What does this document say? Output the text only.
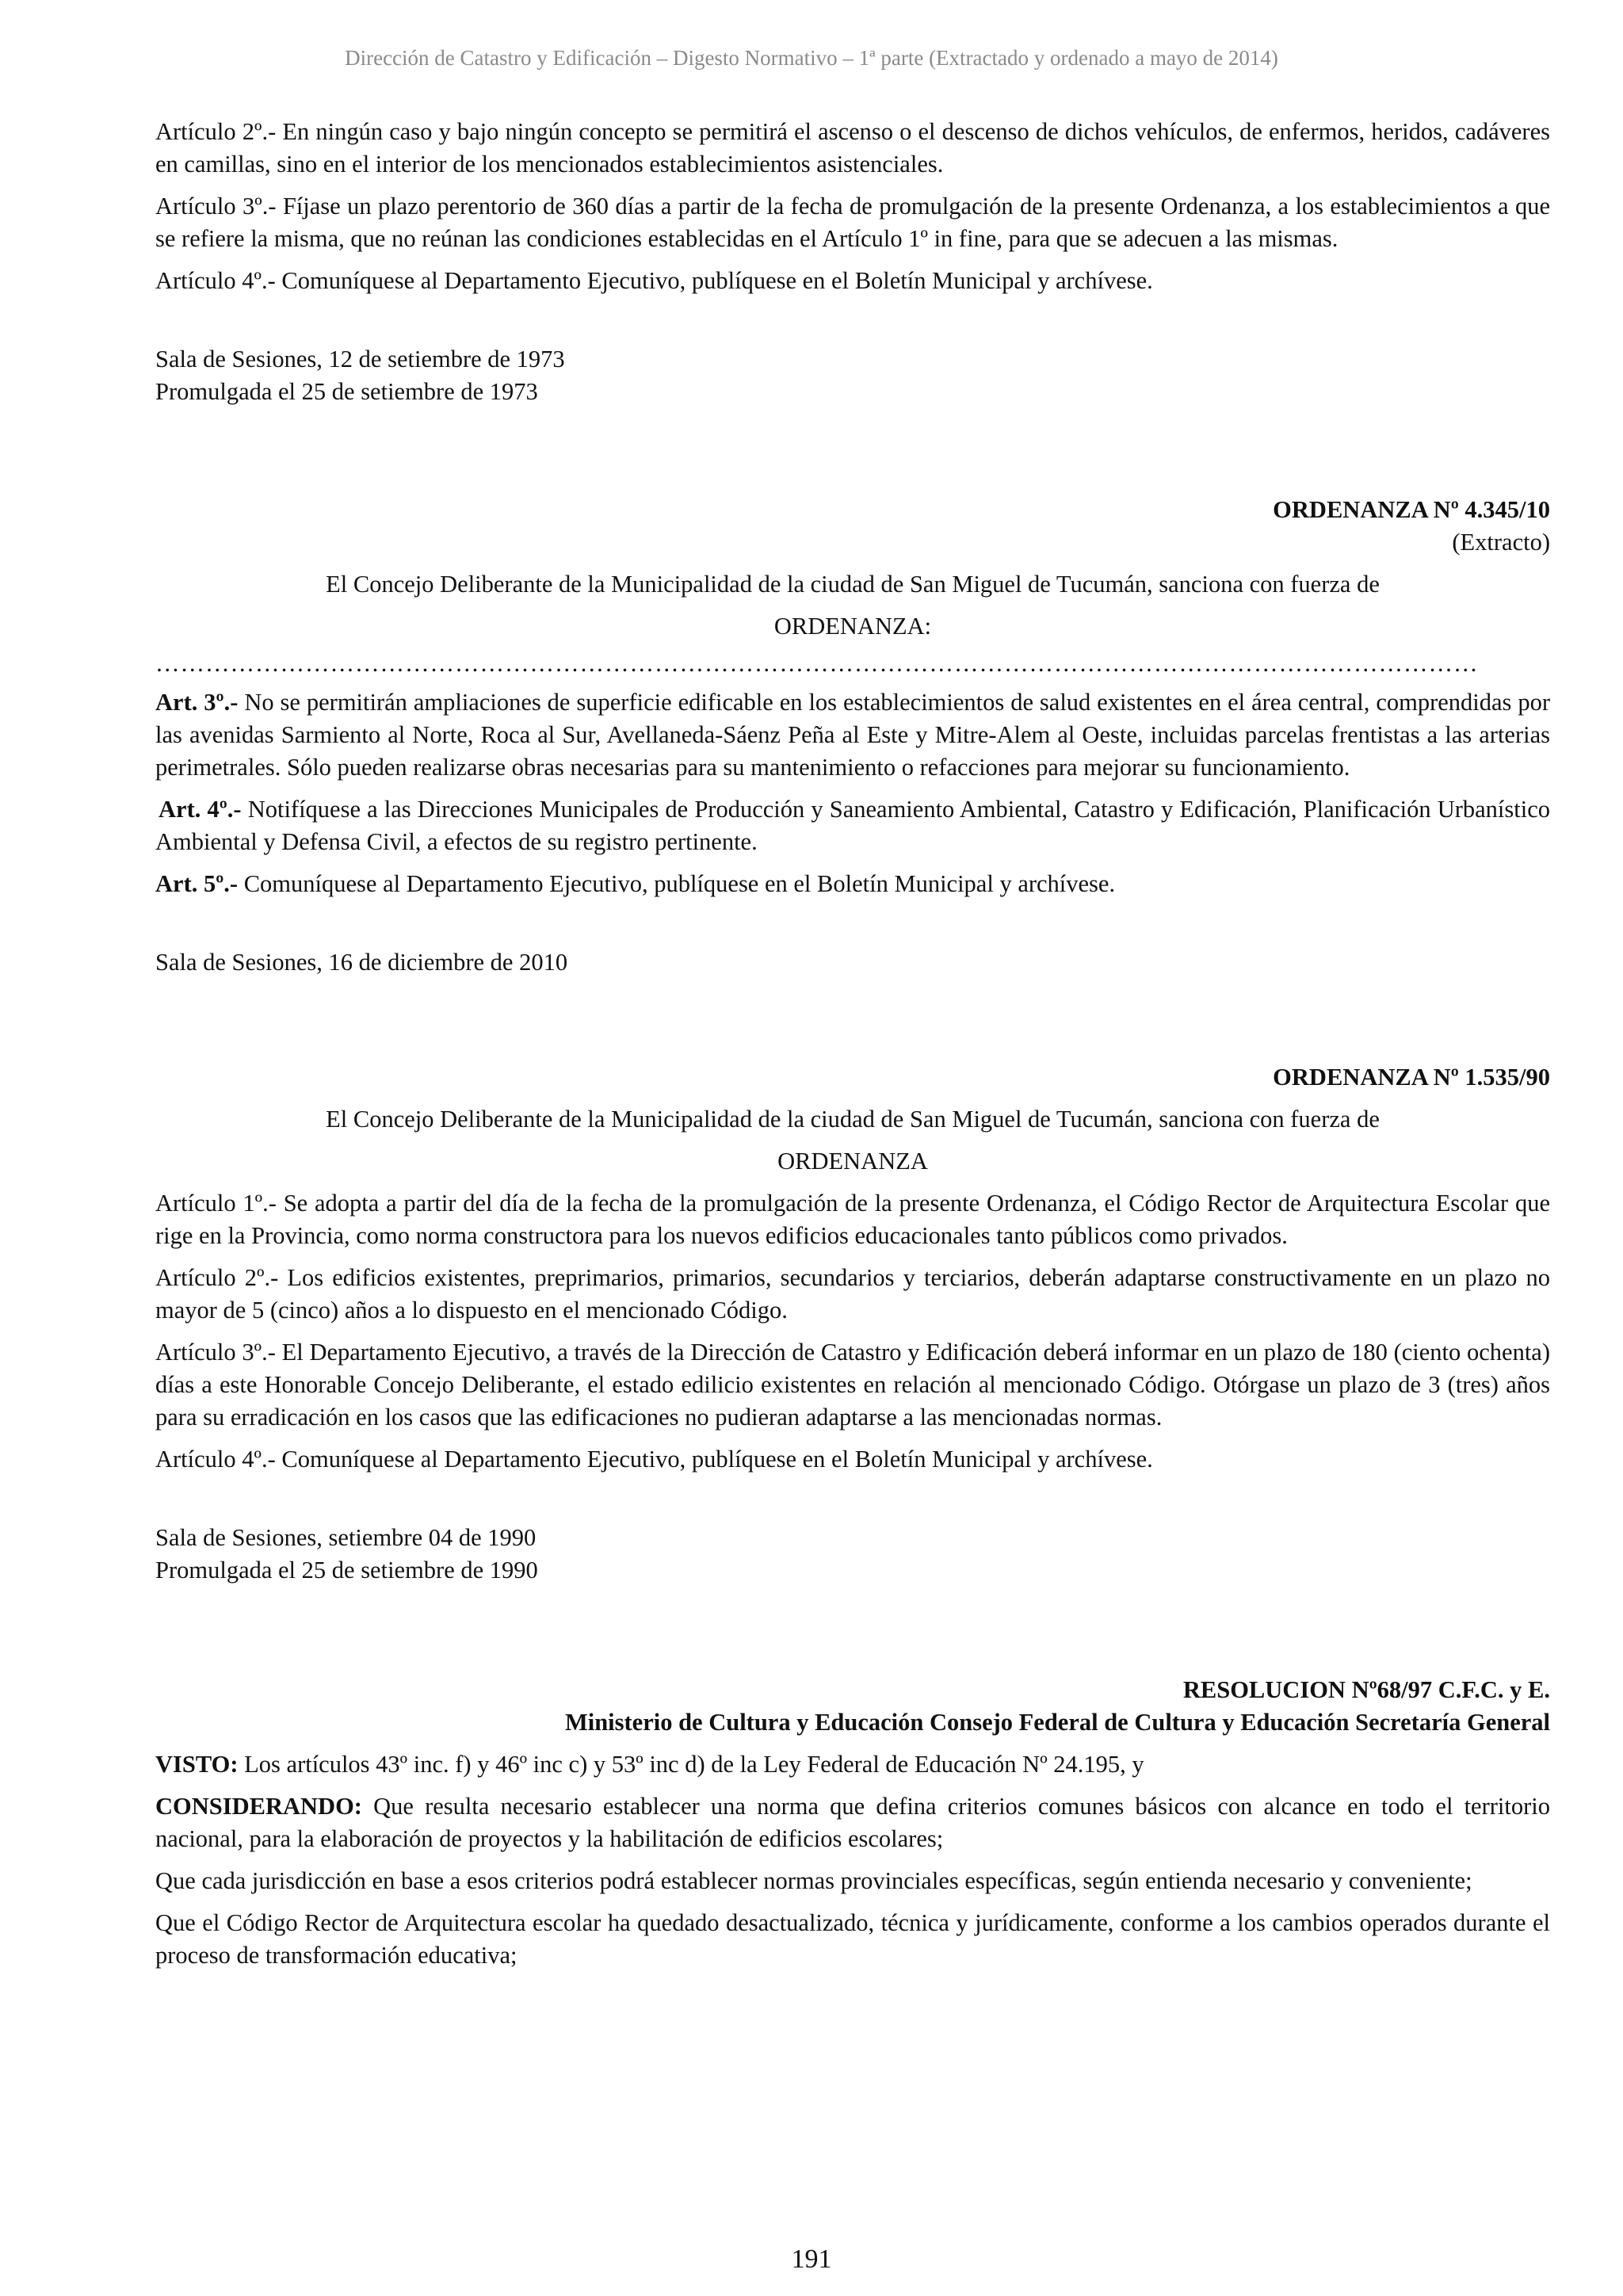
Dirección de Catastro y Edificación – Digesto Normativo – 1ª parte (Extractado y ordenado a mayo de 2014)

Artículo 2º.- En ningún caso y bajo ningún concepto se permitirá el ascenso o el descenso de dichos vehículos, de enfermos, heridos, cadáveres en camillas, sino en el interior de los mencionados establecimientos asistenciales.

Artículo 3º.- Fíjase un plazo perentorio de 360 días a partir de la fecha de promulgación de la presente Ordenanza, a los establecimientos a que se refiere la misma, que no reúnan las condiciones establecidas en el Artículo 1º in fine, para que se adecuen a las mismas.

Artículo 4º.- Comuníquese al Departamento Ejecutivo, publíquese en el Boletín Municipal y archívese.

Sala de Sesiones, 12 de setiembre de 1973

Promulgada el 25 de setiembre de 1973

ORDENANZA Nº 4.345/10

(Extracto)

El Concejo Deliberante de la Municipalidad de la ciudad de San Miguel de Tucumán, sanciona con fuerza de

ORDENANZA:

……………………………………………………………………………………………………………………………………………

Art. 3º.- No se permitirán ampliaciones de superficie edificable en los establecimientos de salud existentes en el área central, comprendidas por las avenidas Sarmiento al Norte, Roca al Sur, Avellaneda-Sáenz Peña al Este y Mitre-Alem al Oeste, incluidas parcelas frentistas a las arterias perimetrales. Sólo pueden realizarse obras necesarias para su mantenimiento o refacciones para mejorar su funcionamiento.

Art. 4º.- Notifíquese a las Direcciones Municipales de Producción y Saneamiento Ambiental, Catastro y Edificación, Planificación Urbanístico Ambiental y Defensa Civil, a efectos de su registro pertinente.

Art. 5º.- Comuníquese al Departamento Ejecutivo, publíquese en el Boletín Municipal y archívese.

Sala de Sesiones, 16 de diciembre de 2010

ORDENANZA Nº 1.535/90

El Concejo Deliberante de la Municipalidad de la ciudad de San Miguel de Tucumán, sanciona con fuerza de

ORDENANZA

Artículo 1º.- Se adopta a partir del día de la fecha de la promulgación de la presente Ordenanza, el Código Rector de Arquitectura Escolar que rige en la Provincia, como norma constructora para los nuevos edificios educacionales tanto públicos como privados.

Artículo 2º.- Los edificios existentes, preprimarios, primarios, secundarios y terciarios, deberán adaptarse constructivamente en un plazo no mayor de 5 (cinco) años a lo dispuesto en el mencionado Código.

Artículo 3º.- El Departamento Ejecutivo, a través de la Dirección de Catastro y Edificación deberá informar en un plazo de 180 (ciento ochenta) días a este Honorable Concejo Deliberante, el estado edilicio existentes en relación al mencionado Código. Otórgase un plazo de 3 (tres) años para su erradicación en los casos que las edificaciones no pudieran adaptarse a las mencionadas normas.

Artículo 4º.- Comuníquese al Departamento Ejecutivo, publíquese en el Boletín Municipal y archívese.

Sala de Sesiones, setiembre 04 de 1990

Promulgada el 25 de setiembre de 1990

RESOLUCION Nº68/97 C.F.C. y E.

Ministerio de Cultura y Educación Consejo Federal de Cultura y Educación Secretaría General

VISTO: Los artículos 43º inc. f) y 46º inc c) y 53º inc d) de la Ley Federal de Educación Nº 24.195, y

CONSIDERANDO: Que resulta necesario establecer una norma que defina criterios comunes básicos con alcance en todo el territorio nacional, para la elaboración de proyectos y la habilitación de edificios escolares;

Que cada jurisdicción en base a esos criterios podrá establecer normas provinciales específicas, según entienda necesario y conveniente;

Que el Código Rector de Arquitectura escolar ha quedado desactualizado, técnica y jurídicamente, conforme a los cambios operados durante el proceso de transformación educativa;

191
